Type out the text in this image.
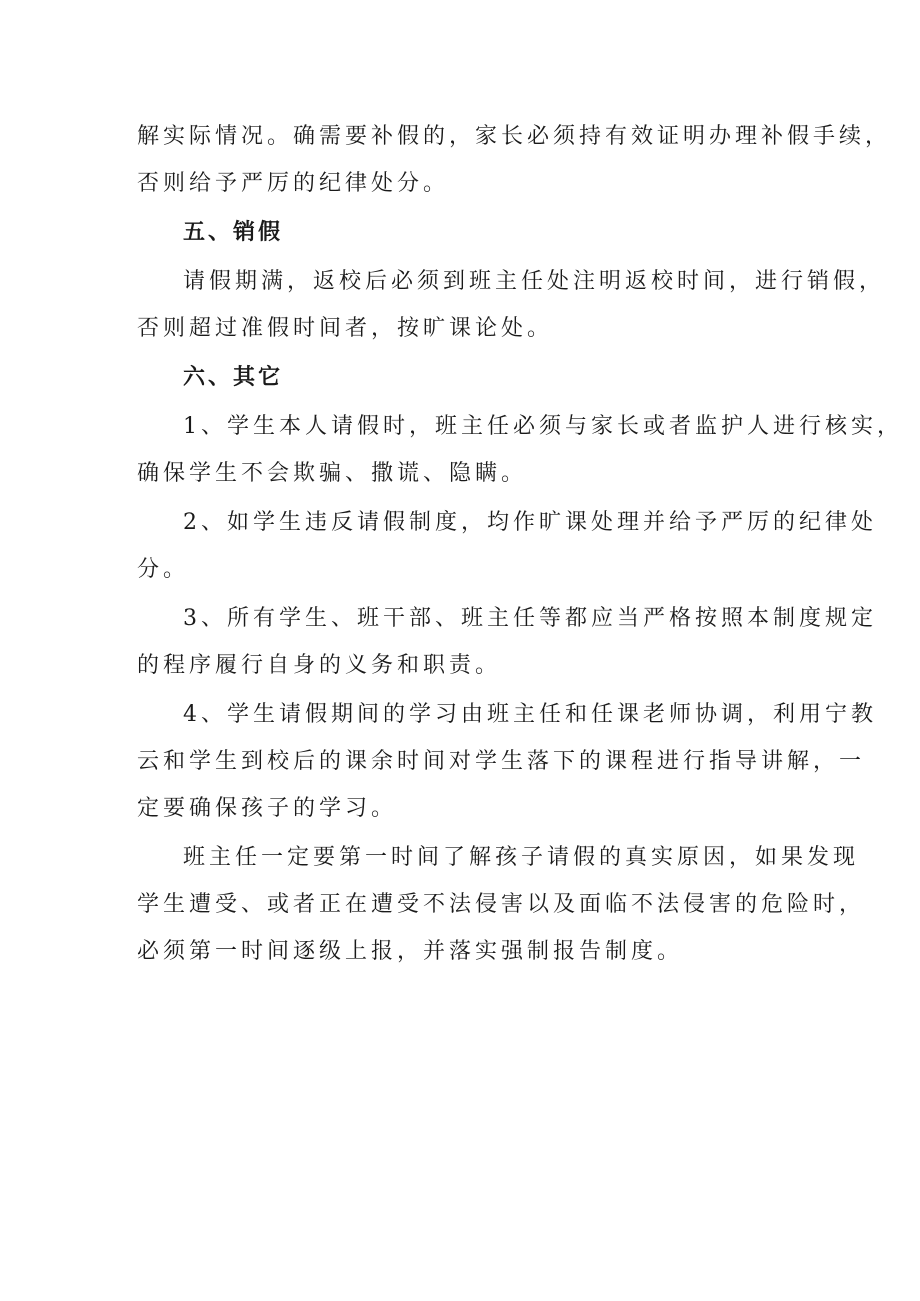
解实际情况。确需要补假的，家长必须持有效证明办理补假手续，
否则给予严厉的纪律处分。
五、销假
请假期满，返校后必须到班主任处注明返校时间，进行销假，
否则超过准假时间者，按旷课论处。
六、其它
1、学生本人请假时，班主任必须与家长或者监护人进行核实，
确保学生不会欺骗、撒谎、隐瞒。
2、如学生违反请假制度，均作旷课处理并给予严厉的纪律处
分。
3、所有学生、班干部、班主任等都应当严格按照本制度规定
的程序履行自身的义务和职责。
4、学生请假期间的学习由班主任和任课老师协调，利用宁教
云和学生到校后的课余时间对学生落下的课程进行指导讲解，一
定要确保孩子的学习。
班主任一定要第一时间了解孩子请假的真实原因，如果发现
学生遭受、或者正在遭受不法侵害以及面临不法侵害的危险时，
必须第一时间逐级上报，并落实强制报告制度。
